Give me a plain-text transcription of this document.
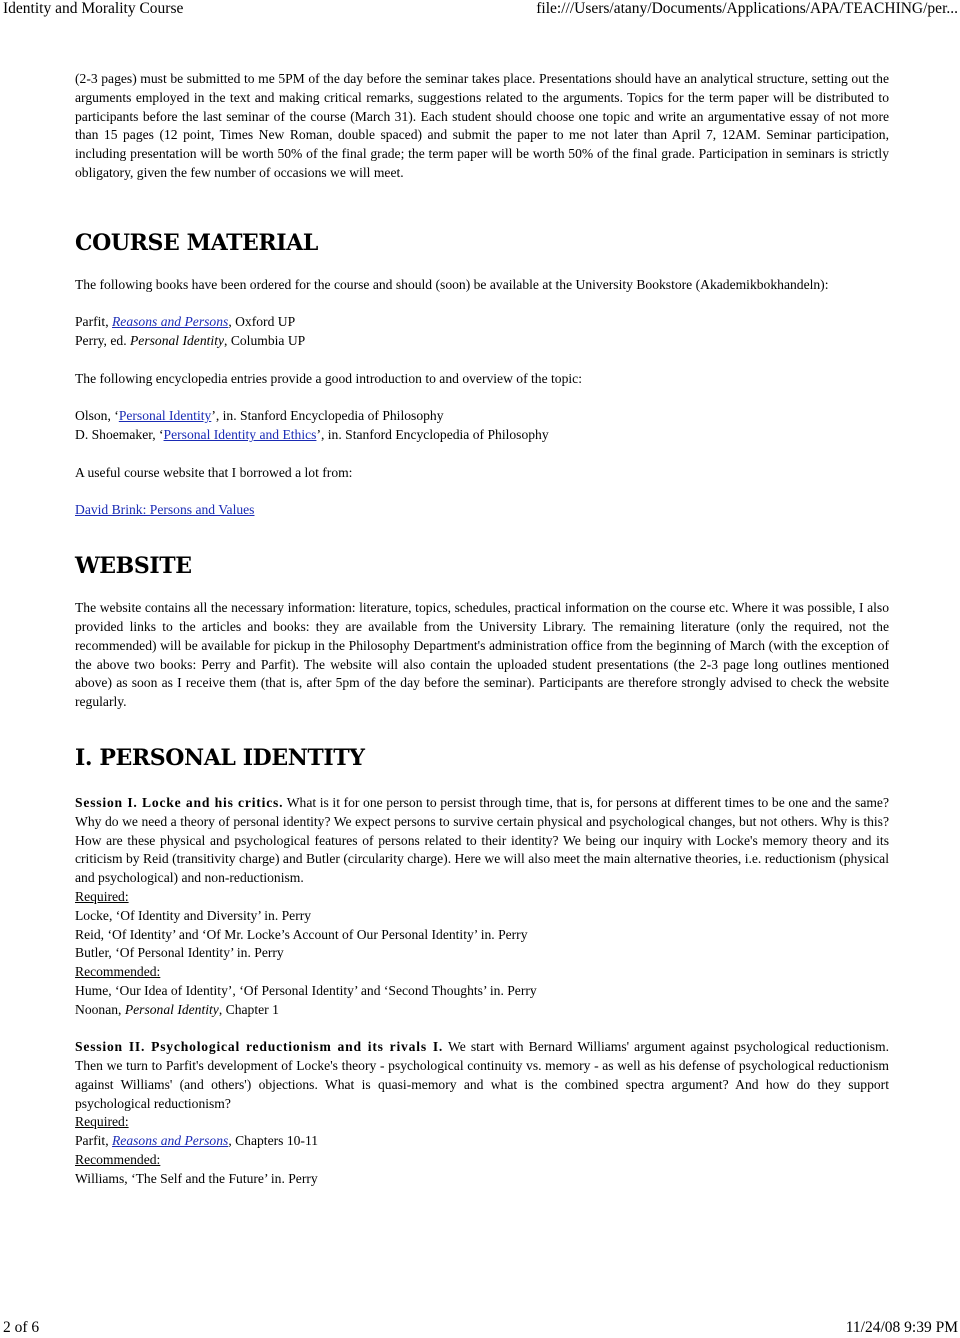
Identity and Morality Course	file:///Users/atany/Documents/Applications/APA/TEACHING/per...

(2-3 pages) must be submitted to me 5PM of the day before the seminar takes place. Presentations should have an analytical structure, setting out the arguments employed in the text and making critical remarks, suggestions related to the arguments. Topics for the term paper will be distributed to participants before the last seminar of the course (March 31). Each student should choose one topic and write an argumentative essay of not more than 15 pages (12 point, Times New Roman, double spaced) and submit the paper to me not later than April 7, 12AM. Seminar participation, including presentation will be worth 50% of the final grade; the term paper will be worth 50% of the final grade. Participation in seminars is strictly obligatory, given the few number of occasions we will meet.

COURSE MATERIAL

The following books have been ordered for the course and should (soon) be available at the University Bookstore (Akademikbokhandeln):

Parfit, Reasons and Persons, Oxford UP
Perry, ed. Personal Identity, Columbia UP

The following encyclopedia entries provide a good introduction to and overview of the topic:

Olson, ‘Personal Identity’, in. Stanford Encyclopedia of Philosophy
D. Shoemaker, ‘Personal Identity and Ethics’, in. Stanford Encyclopedia of Philosophy

A useful course website that I borrowed a lot from:

David Brink: Persons and Values
WEBSITE

The website contains all the necessary information: literature, topics, schedules, practical information on the course etc. Where it was possible, I also provided links to the articles and books: they are available from the University Library. The remaining literature (only the required, not the recommended) will be available for pickup in the Philosophy Department's administration office from the beginning of March (with the exception of the above two books: Perry and Parfit). The website will also contain the uploaded student presentations (the 2-3 page long outlines mentioned above) as soon as I receive them (that is, after 5pm of the day before the seminar). Participants are therefore strongly advised to check the website regularly.

I. PERSONAL IDENTITY

Session I. Locke and his critics. What is it for one person to persist through time, that is, for persons at different times to be one and the same? Why do we need a theory of personal identity? We expect persons to survive certain physical and psychological changes, but not others. Why is this? How are these physical and psychological features of persons related to their identity? We being our inquiry with Locke's memory theory and its criticism by Reid (transitivity charge) and Butler (circularity charge). Here we will also meet the main alternative theories, i.e. reductionism (physical and psychological) and non-reductionism.

Required:
Locke, ‘Of Identity and Diversity’ in. Perry
Reid, ‘Of Identity’ and ‘Of Mr. Locke’s Account of Our Personal Identity’ in. Perry
Butler, ‘Of Personal Identity’ in. Perry
Recommended:
Hume, ‘Our Idea of Identity’, ‘Of Personal Identity’ and ‘Second Thoughts’ in. Perry
Noonan, Personal Identity, Chapter 1

Session II. Psychological reductionism and its rivals I. We start with Bernard Williams' argument against psychological reductionism. Then we turn to Parfit's development of Locke's theory - psychological continuity vs. memory - as well as his defense of psychological reductionism against Williams' (and others') objections. What is quasi-memory and what is the combined spectra argument? And how do they support psychological reductionism?

Required:
Parfit, Reasons and Persons, Chapters 10-11
Recommended:
Williams, ‘The Self and the Future’ in. Perry
2 of 6	11/24/08 9:39 PM
